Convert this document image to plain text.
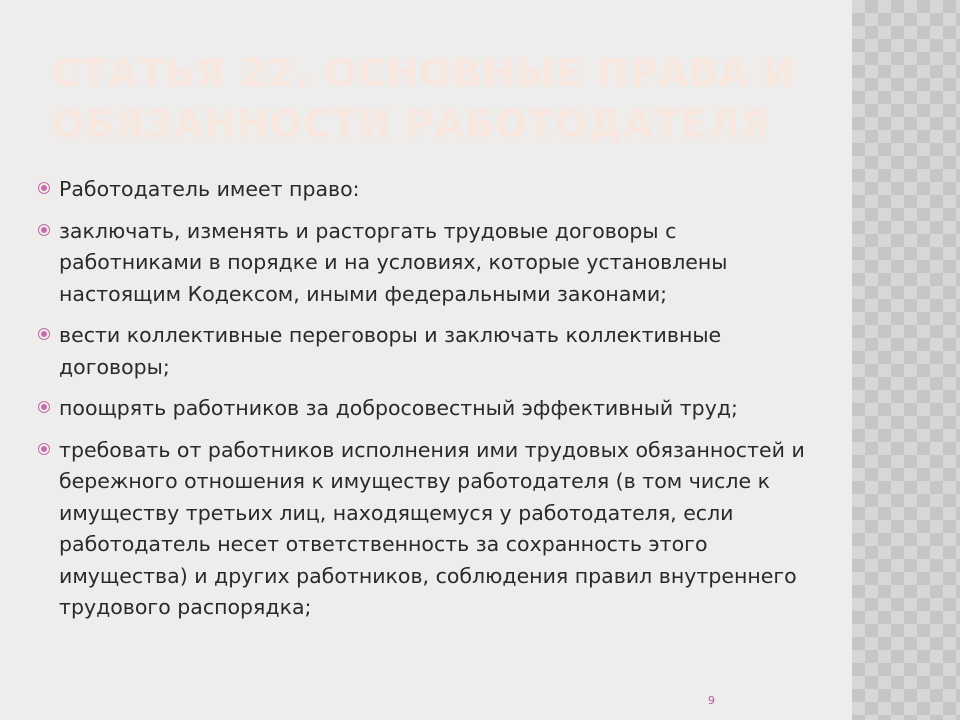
СТАТЬЯ 22. ОСНОВНЫЕ ПРАВА И ОБЯЗАННОСТИ РАБОТОДАТЕЛЯ
Работодатель имеет право:
заключать, изменять и расторгать трудовые договоры с работниками в порядке и на условиях, которые установлены настоящим Кодексом, иными федеральными законами;
вести коллективные переговоры и заключать коллективные договоры;
поощрять работников за добросовестный эффективный труд;
требовать от работников исполнения ими трудовых обязанностей и бережного отношения к имуществу работодателя (в том числе к имуществу третьих лиц, находящемуся у работодателя, если работодатель несет ответственность за сохранность этого имущества) и других работников, соблюдения правил внутреннего трудового распорядка;
9
